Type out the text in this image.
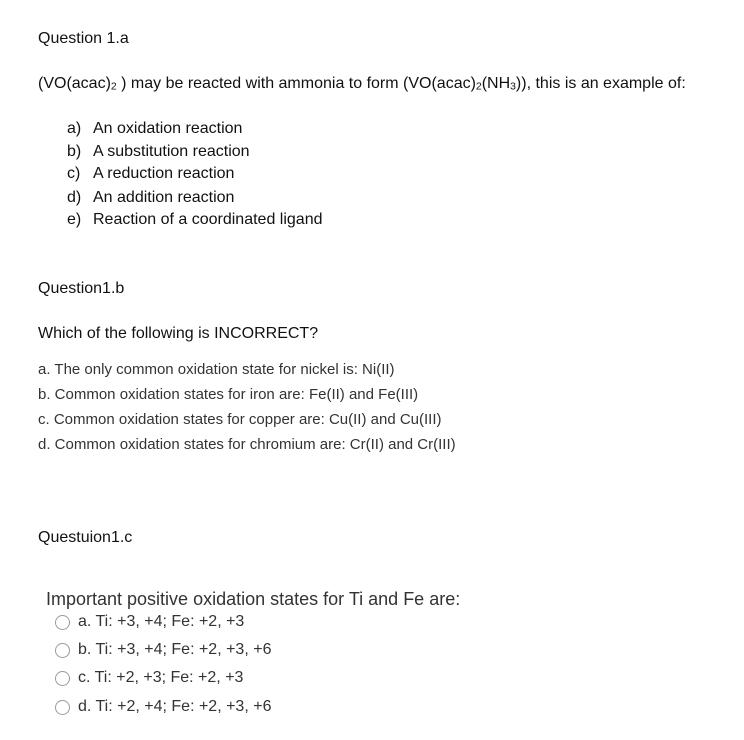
Question 1.a
($VO(acac)_2$ ) may be reacted with ammonia to form $(VO(acac)_2(NH_3))$, this is an example of:
a) An oxidation reaction
b) A substitution reaction
c) A reduction reaction
d) An addition reaction
e) Reaction of a coordinated ligand
Question1.b
Which of the following is INCORRECT?
a. The only common oxidation state for nickel is: Ni(II)
b. Common oxidation states for iron are: Fe(II) and Fe(III)
c. Common oxidation states for copper are: Cu(II) and Cu(III)
d. Common oxidation states for chromium are: Cr(II) and Cr(III)
Questuion1.c
Important positive oxidation states for Ti and Fe are:
a. Ti: +3, +4; Fe: +2, +3
b. Ti: +3, +4; Fe: +2, +3, +6
c. Ti: +2, +3; Fe: +2, +3
d. Ti: +2, +4; Fe: +2, +3, +6
